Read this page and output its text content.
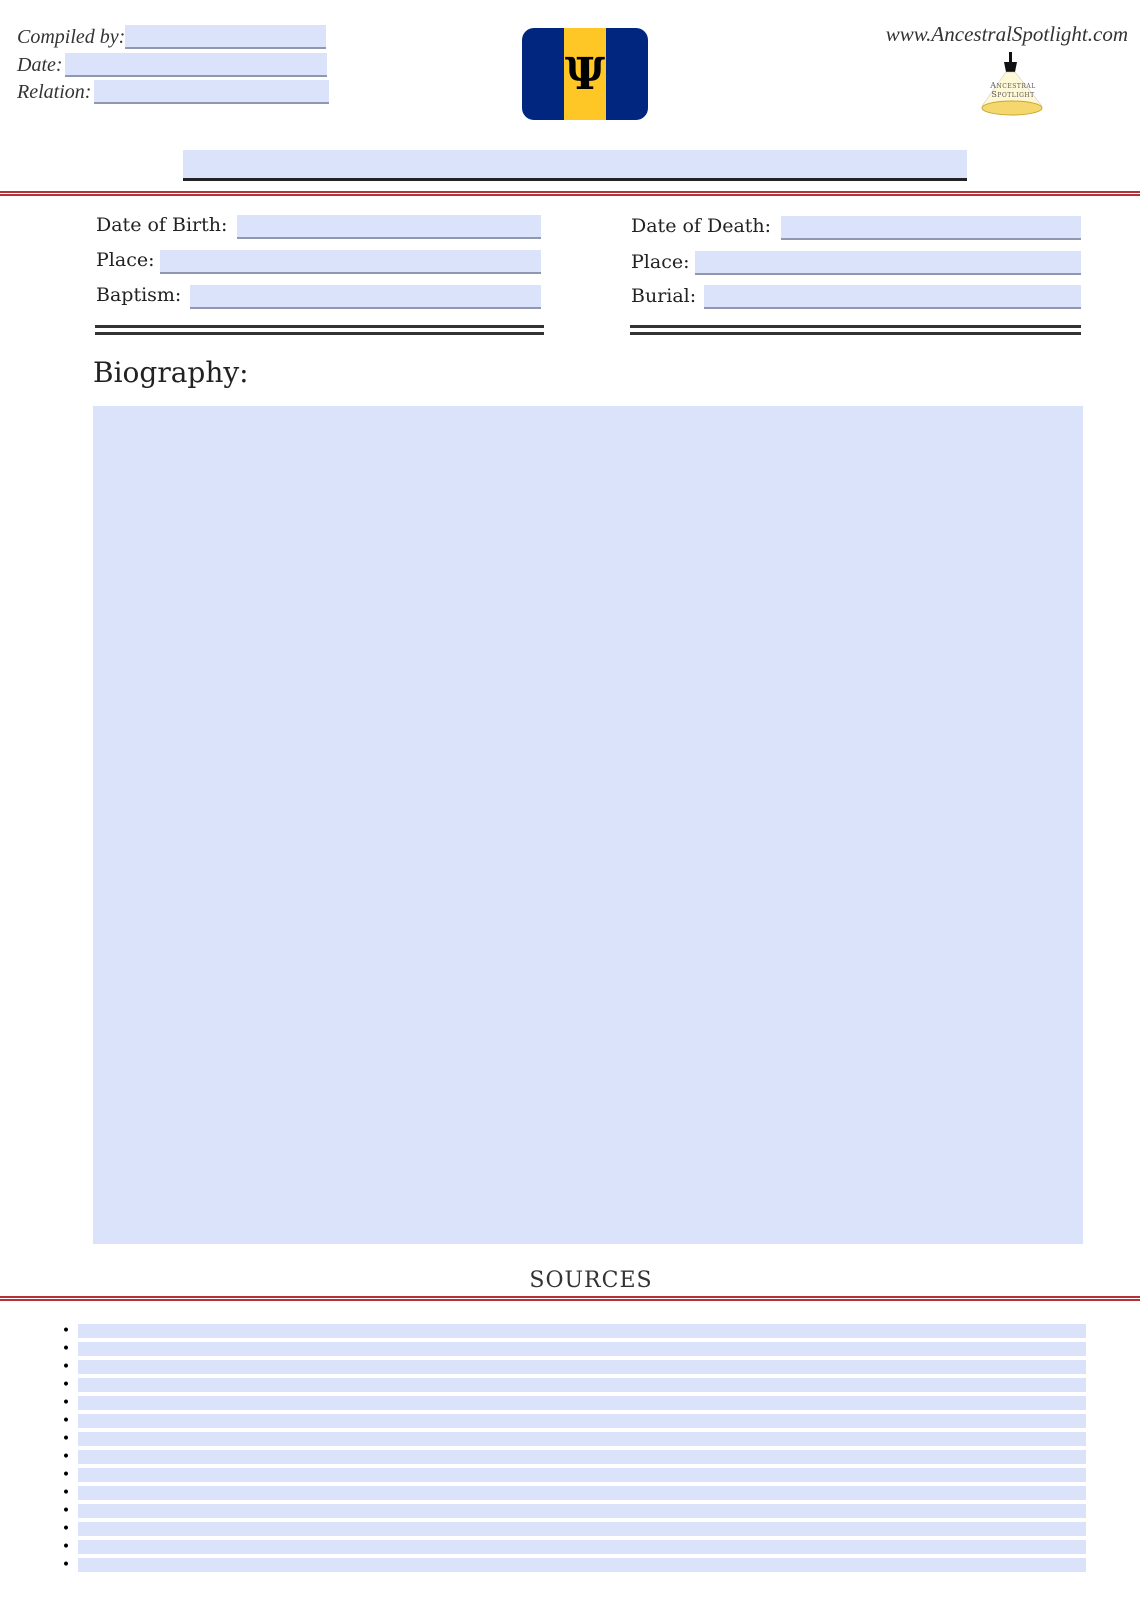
Compiled by:
Date:
Relation:	Ψ
www.AncestralSpotlight.com
Ancestral Spotlight
Date of Birth:
Place:
Baptism:
Date of Death:
Place:
Burial:
Biography:
SOURCES
•
•
•
•
•
•
•
•
•
•
•
•
•
•
